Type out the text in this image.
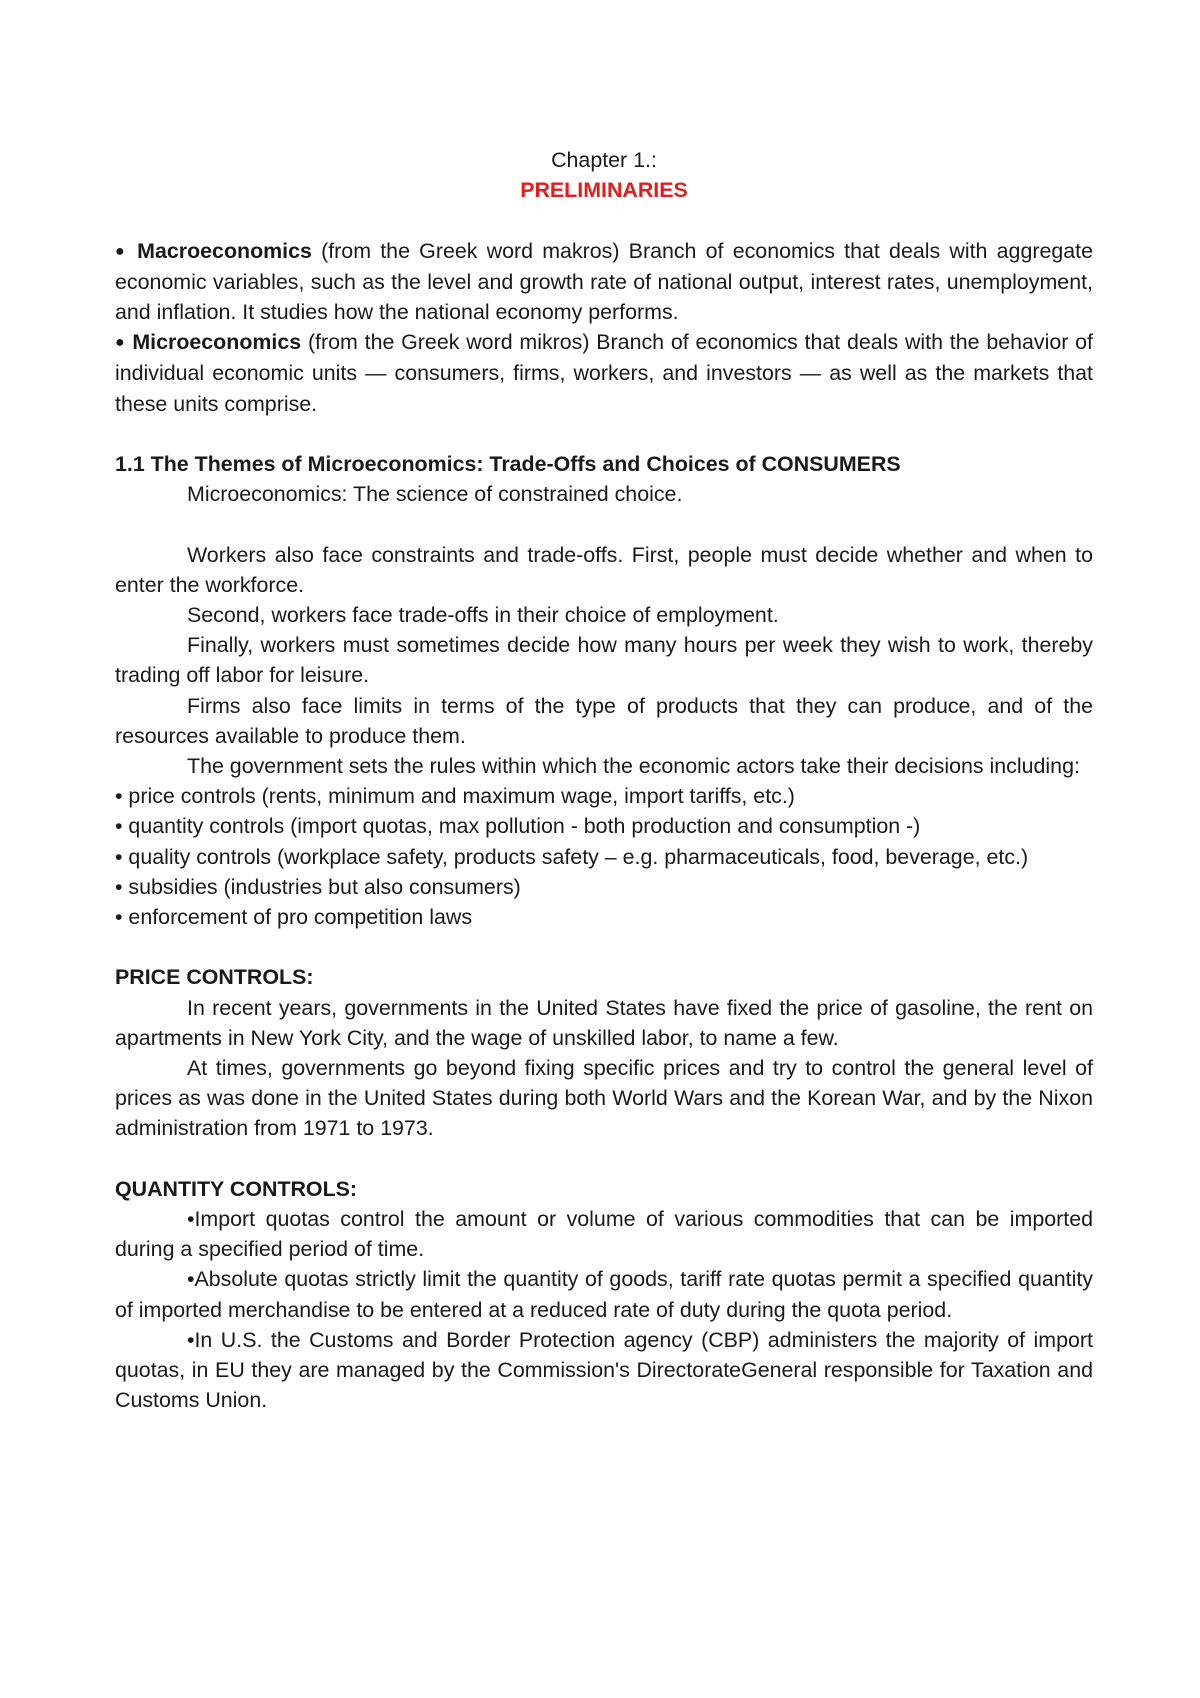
Chapter 1.:

PRELIMINARIES

● Macroeconomics (from the Greek word makros) Branch of economics that deals with aggregate economic variables, such as the level and growth rate of national output, interest rates, unemployment, and inflation. It studies how the national economy performs.

● Microeconomics (from the Greek word mikros) Branch of economics that deals with the behavior of individual economic units — consumers, firms, workers, and investors — as well as the markets that these units comprise.

1.1 The Themes of Microeconomics: Trade-Offs and Choices of CONSUMERS

Microeconomics: The science of constrained choice.

Workers also face constraints and trade-offs. First, people must decide whether and when to enter the workforce.

Second, workers face trade-offs in their choice of employment.

Finally, workers must sometimes decide how many hours per week they wish to work, thereby trading off labor for leisure.

Firms also face limits in terms of the type of products that they can produce, and of the resources available to produce them.

The government sets the rules within which the economic actors take their decisions including:

• price controls (rents, minimum and maximum wage, import tariffs, etc.)

• quantity controls (import quotas, max pollution - both production and consumption -)

• quality controls (workplace safety, products safety – e.g. pharmaceuticals, food, beverage, etc.)

• subsidies (industries but also consumers)

• enforcement of pro competition laws

PRICE CONTROLS:

In recent years, governments in the United States have fixed the price of gasoline, the rent on apartments in New York City, and the wage of unskilled labor, to name a few.

At times, governments go beyond fixing specific prices and try to control the general level of prices as was done in the United States during both World Wars and the Korean War, and by the Nixon administration from 1971 to 1973.

QUANTITY CONTROLS:

•Import quotas control the amount or volume of various commodities that can be imported during a specified period of time.

•Absolute quotas strictly limit the quantity of goods, tariff rate quotas permit a specified quantity of imported merchandise to be entered at a reduced rate of duty during the quota period.

•In U.S. the Customs and Border Protection agency (CBP) administers the majority of import quotas, in EU they are managed by the Commission's DirectorateGeneral responsible for Taxation and Customs Union.
